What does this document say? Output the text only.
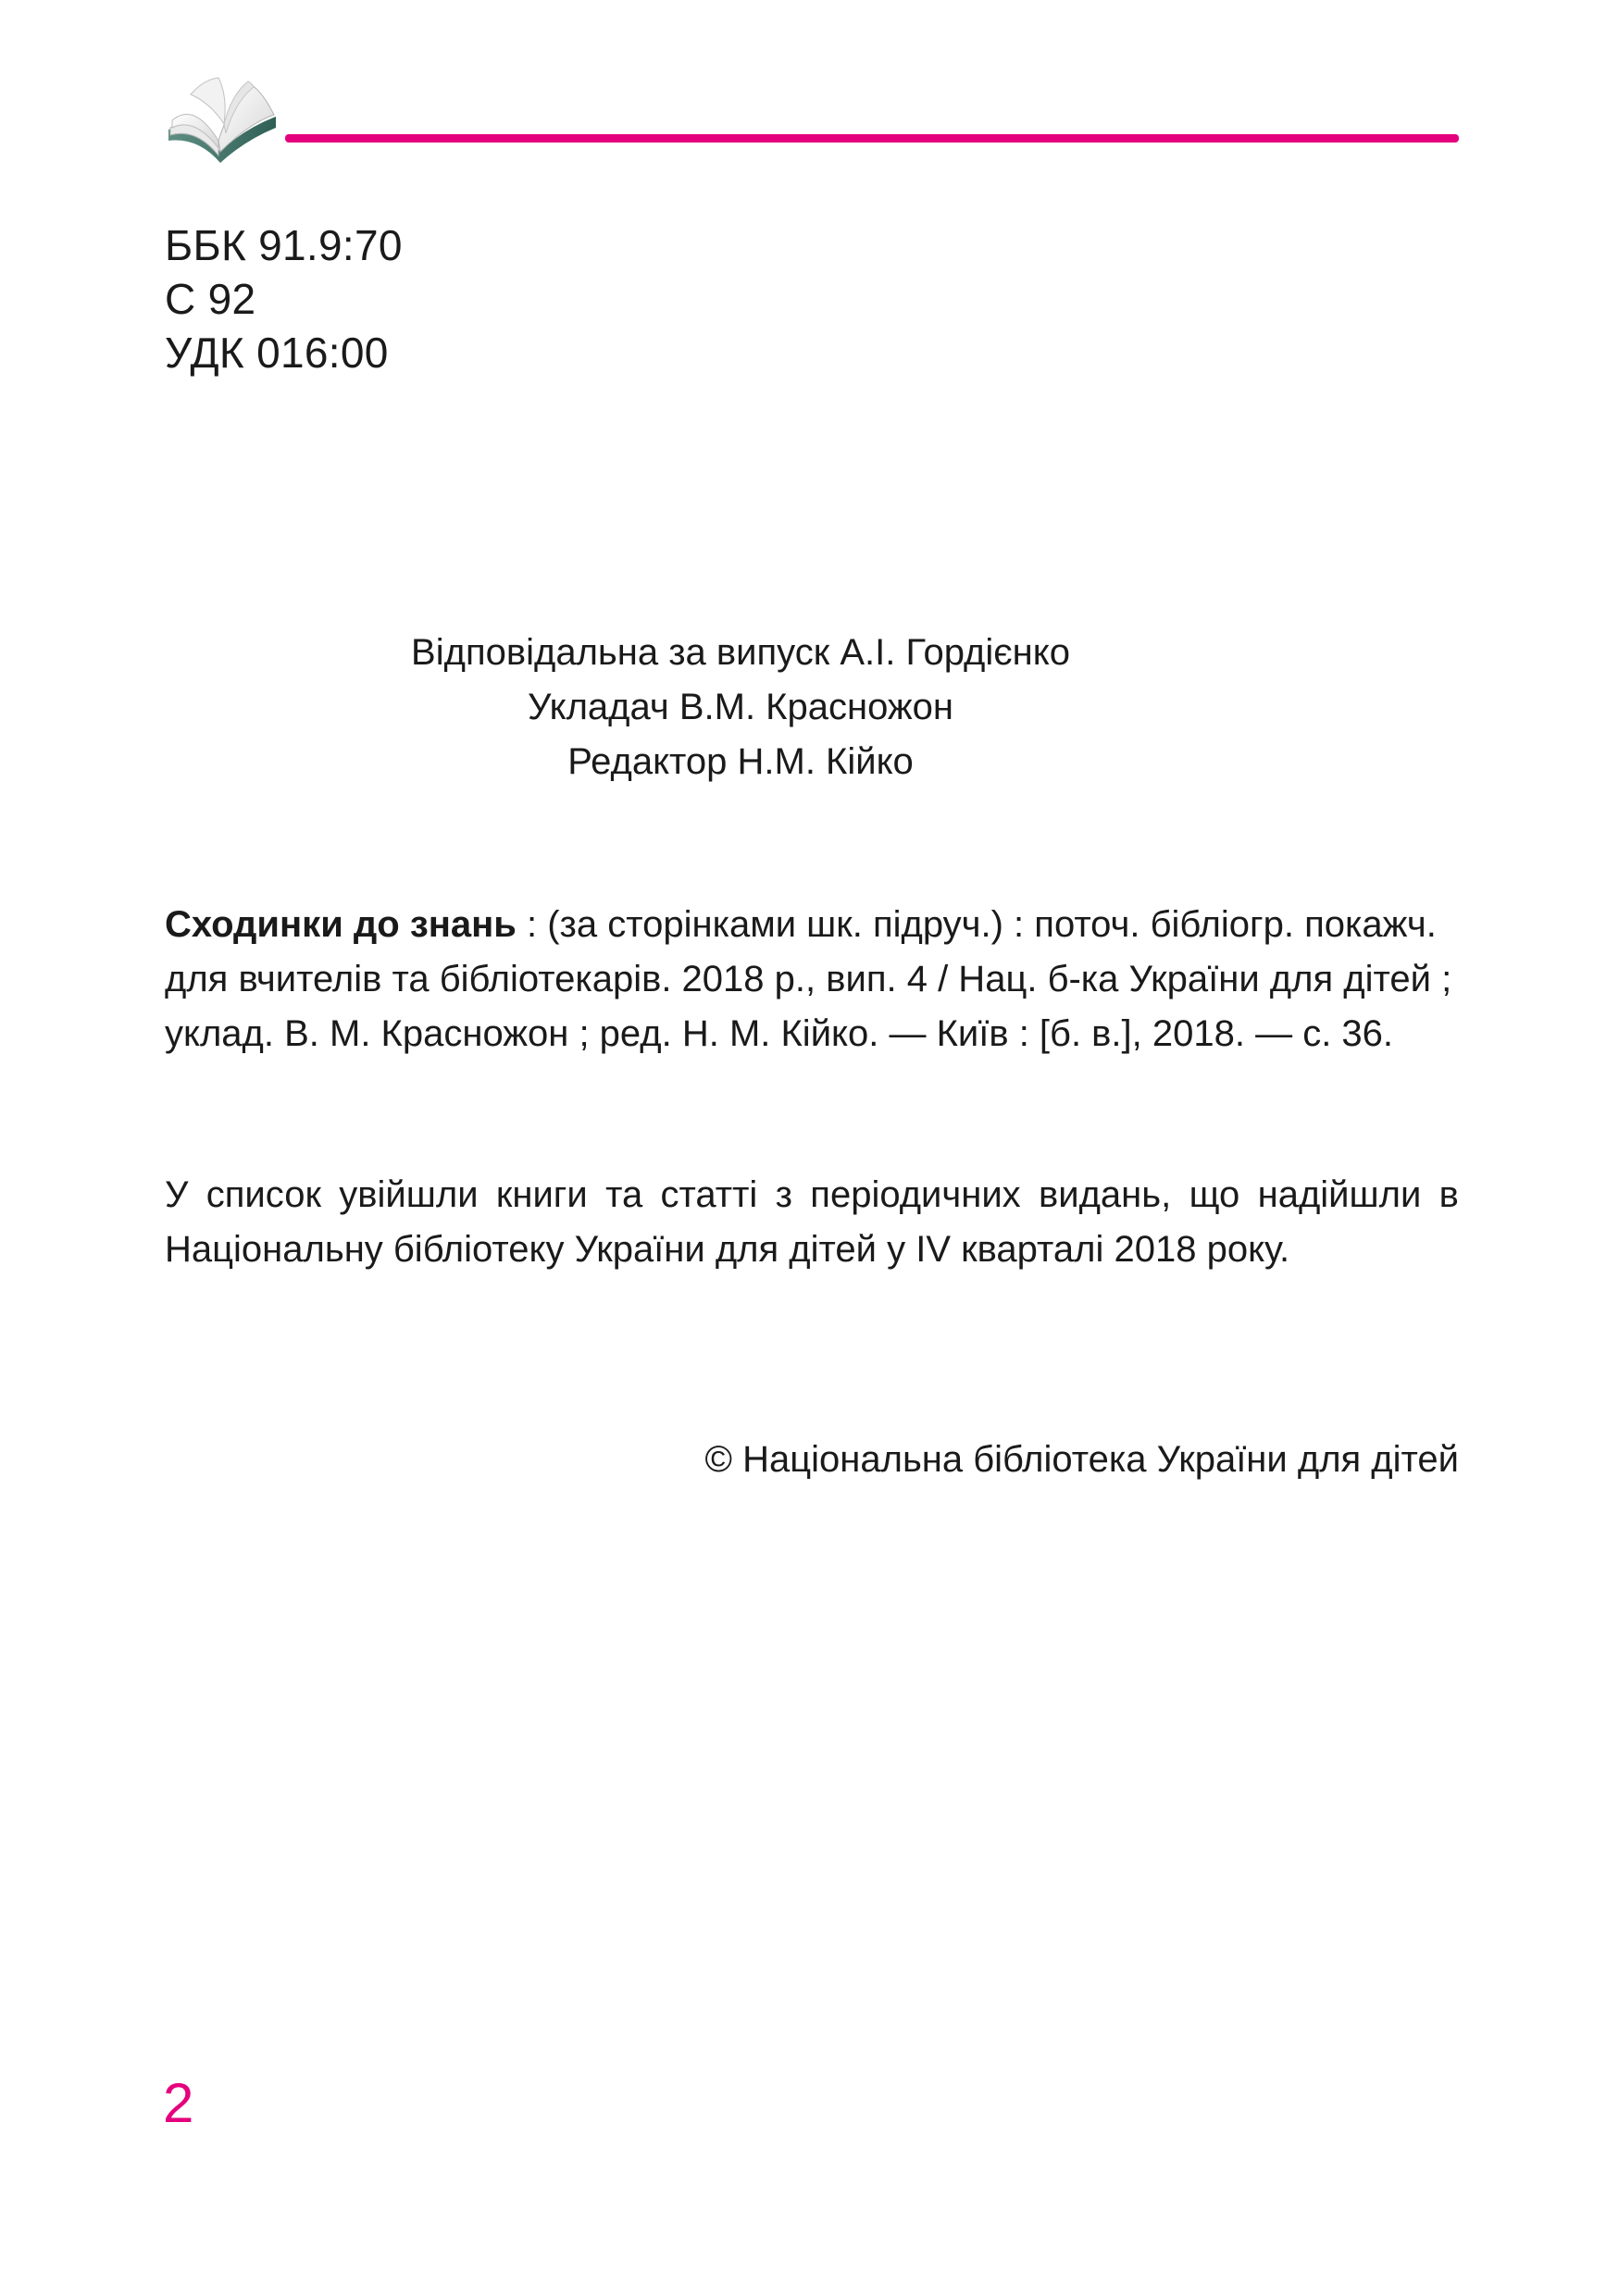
ББК 91.9:70
С 92
УДК 016:00
Відповідальна за випуск А.І. Гордієнко
Укладач В.М. Красножон
Редактор Н.М. Кійко
Сходинки до знань : (за сторінками шк. підруч.) : поточ. бібліогр. покажч.
для вчителів та бібліотекарів. 2018 р., вип. 4 / Нац. б-ка України для дітей ;
уклад. В. М. Красножон ; ред. Н. М. Кійко. — Київ : [б. в.], 2018. — с. 36.
У список увійшли книги та статті з періодичних видань, що надійшли в
Національну бібліотеку України для дітей у IV кварталі 2018 року.
© Національна бібліотека України для дітей
2
